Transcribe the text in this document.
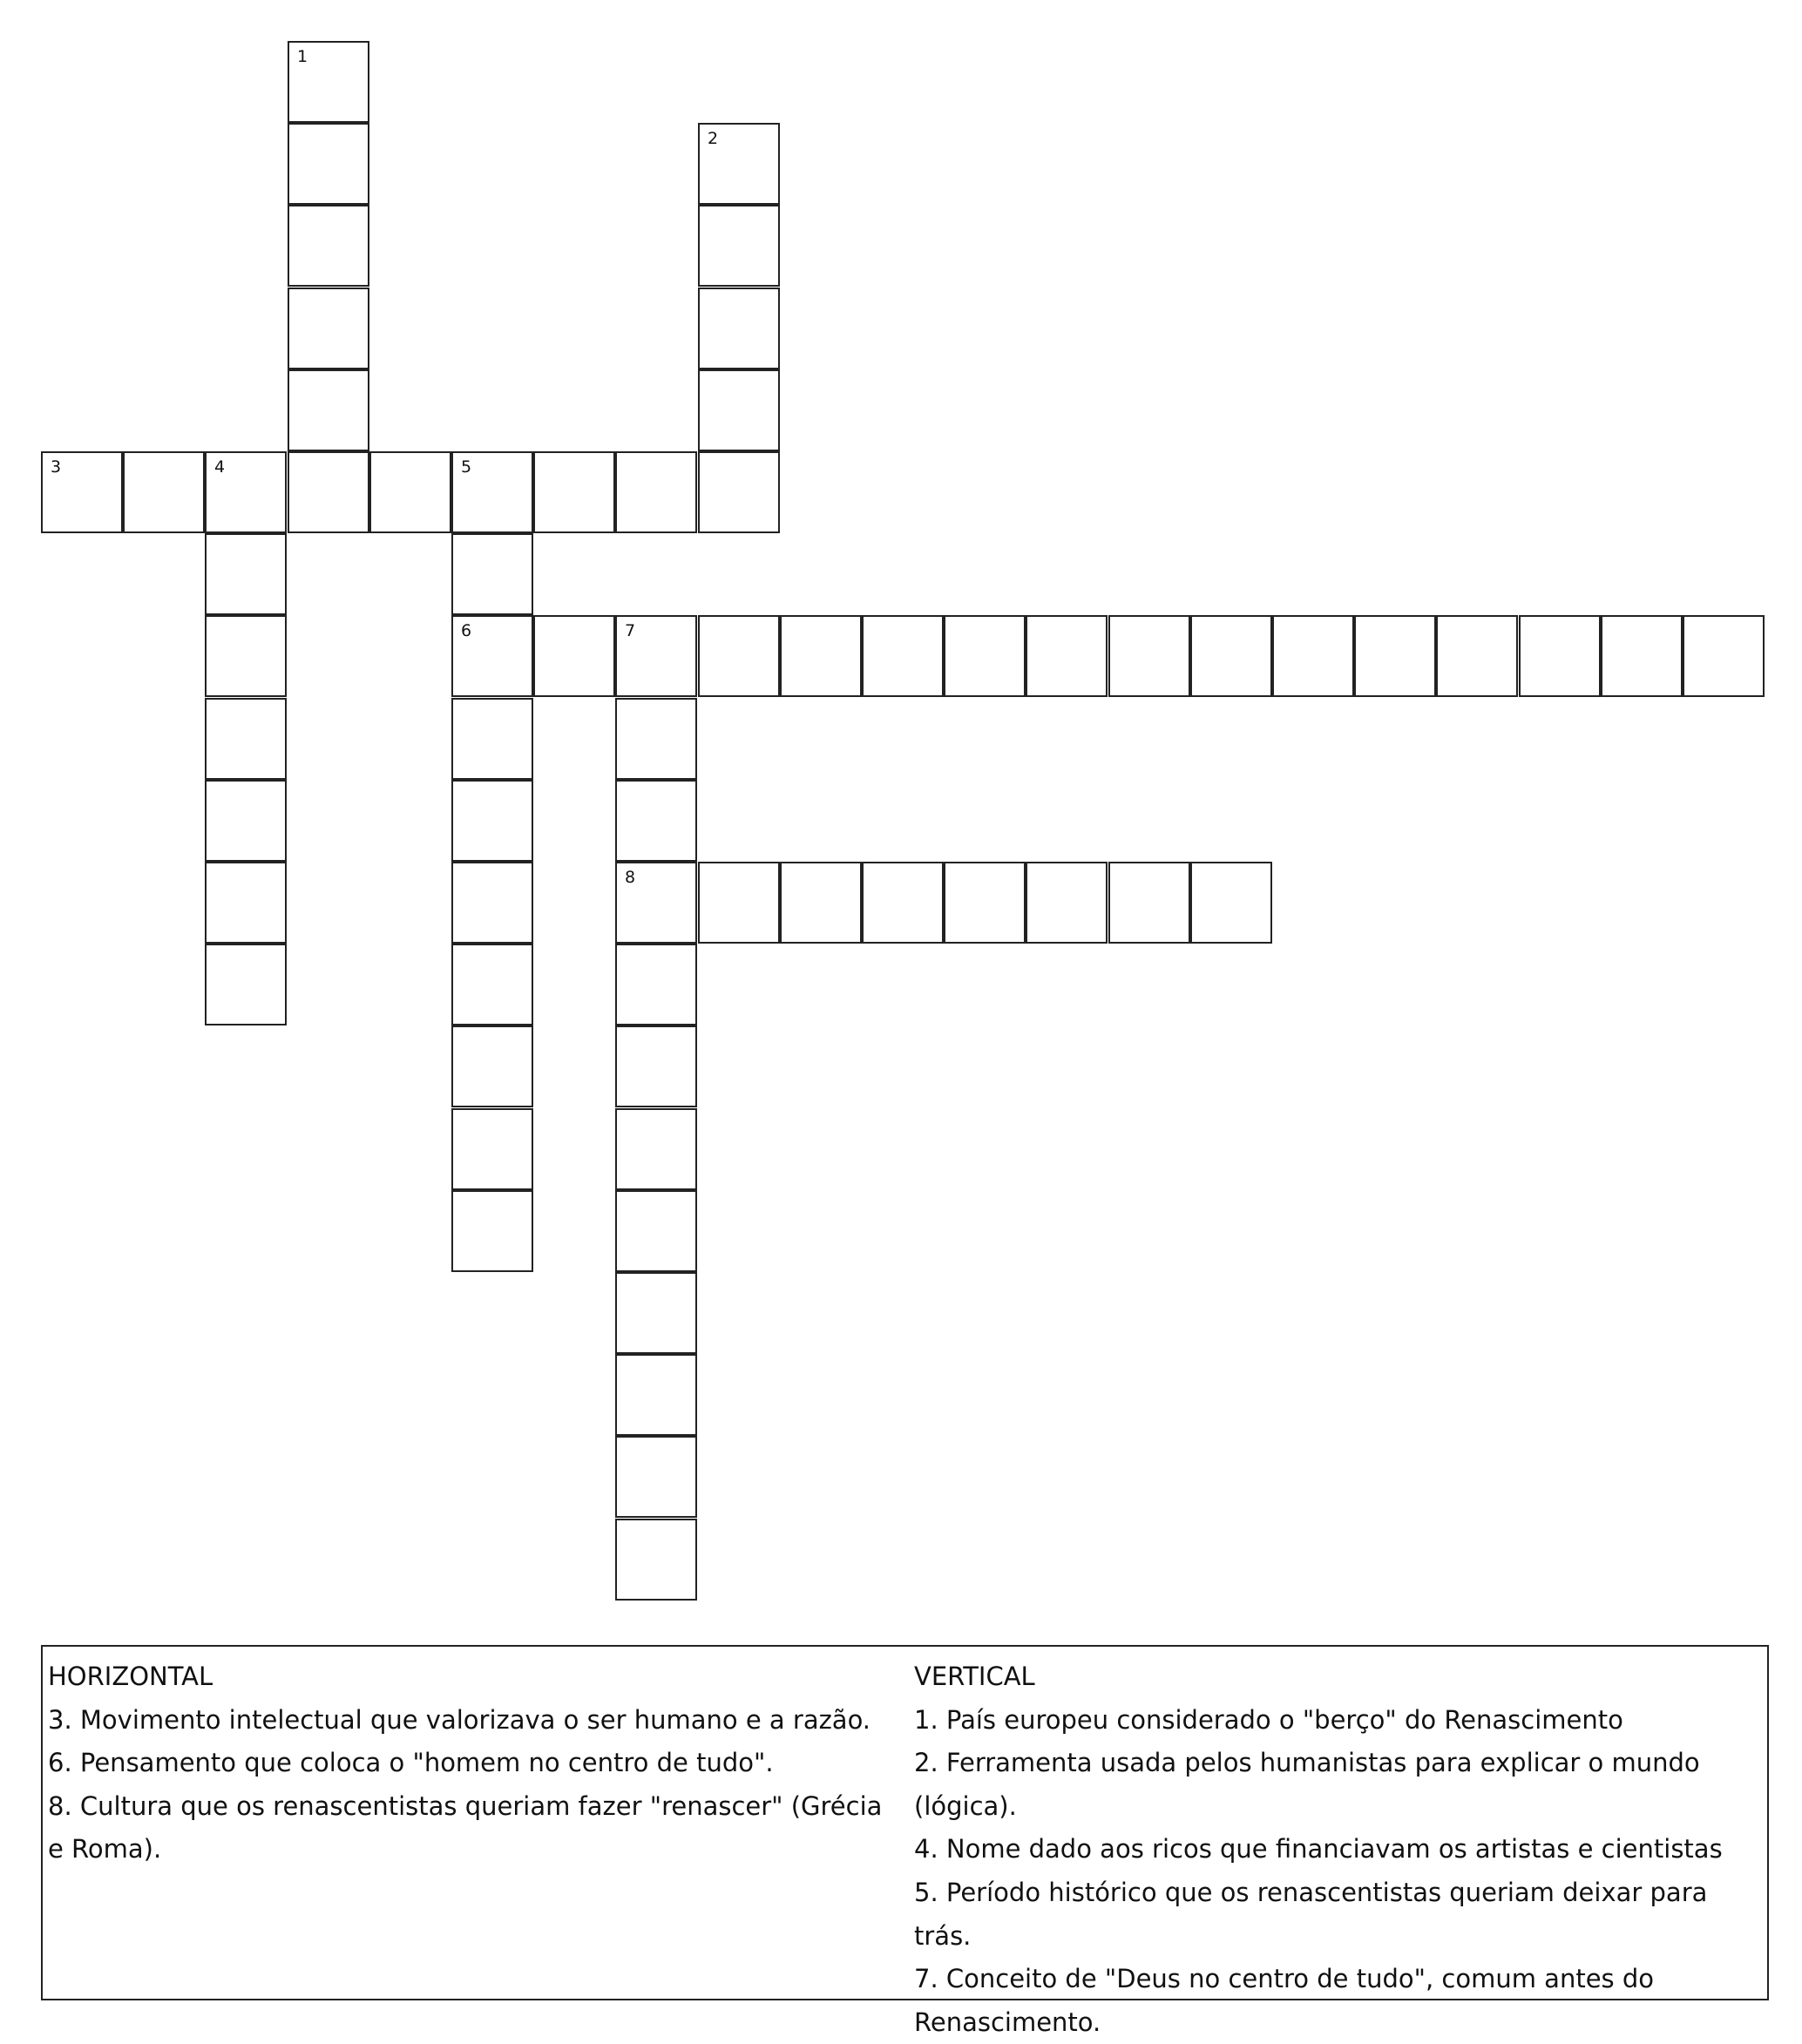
1
2
3	4	5
6	7
8
HORIZONTAL
3. Movimento intelectual que valorizava o ser humano e a razão.
6. Pensamento que coloca o "homem no centro de tudo".
8. Cultura que os renascentistas queriam fazer "renascer" (Grécia e Roma).
VERTICAL
1. País europeu considerado o "berço" do Renascimento
2. Ferramenta usada pelos humanistas para explicar o mundo (lógica).
4. Nome dado aos ricos que financiavam os artistas e cientistas
5. Período histórico que os renascentistas queriam deixar para trás.
7. Conceito de "Deus no centro de tudo", comum antes do Renascimento.
